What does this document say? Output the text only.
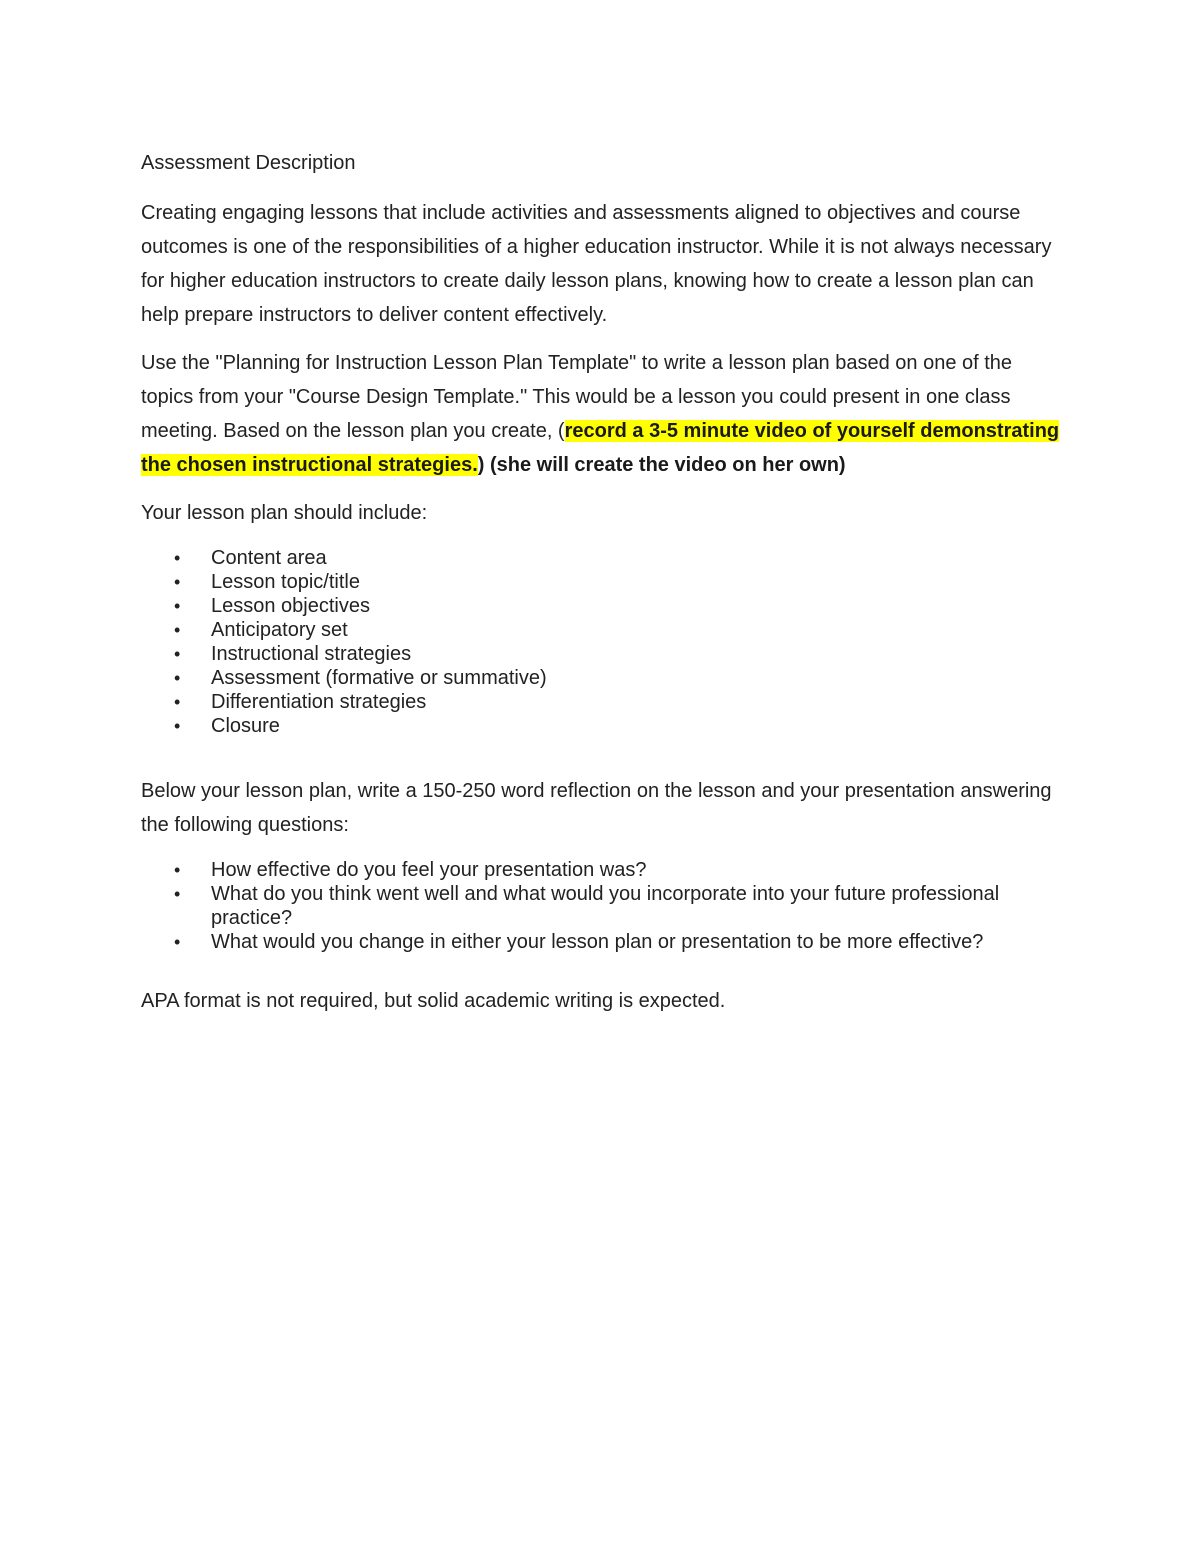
Assessment Description

Creating engaging lessons that include activities and assessments aligned to objectives and course outcomes is one of the responsibilities of a higher education instructor. While it is not always necessary for higher education instructors to create daily lesson plans, knowing how to create a lesson plan can help prepare instructors to deliver content effectively.

Use the "Planning for Instruction Lesson Plan Template" to write a lesson plan based on one of the topics from your "Course Design Template." This would be a lesson you could present in one class meeting. Based on the lesson plan you create, (record a 3-5 minute video of yourself demonstrating the chosen instructional strategies.) (she will create the video on her own)

Your lesson plan should include:

• Content area
• Lesson topic/title
• Lesson objectives
• Anticipatory set
• Instructional strategies
• Assessment (formative or summative)
• Differentiation strategies
• Closure

Below your lesson plan, write a 150-250 word reflection on the lesson and your presentation answering the following questions:

• How effective do you feel your presentation was?
• What do you think went well and what would you incorporate into your future professional practice?
• What would you change in either your lesson plan or presentation to be more effective?

APA format is not required, but solid academic writing is expected.
